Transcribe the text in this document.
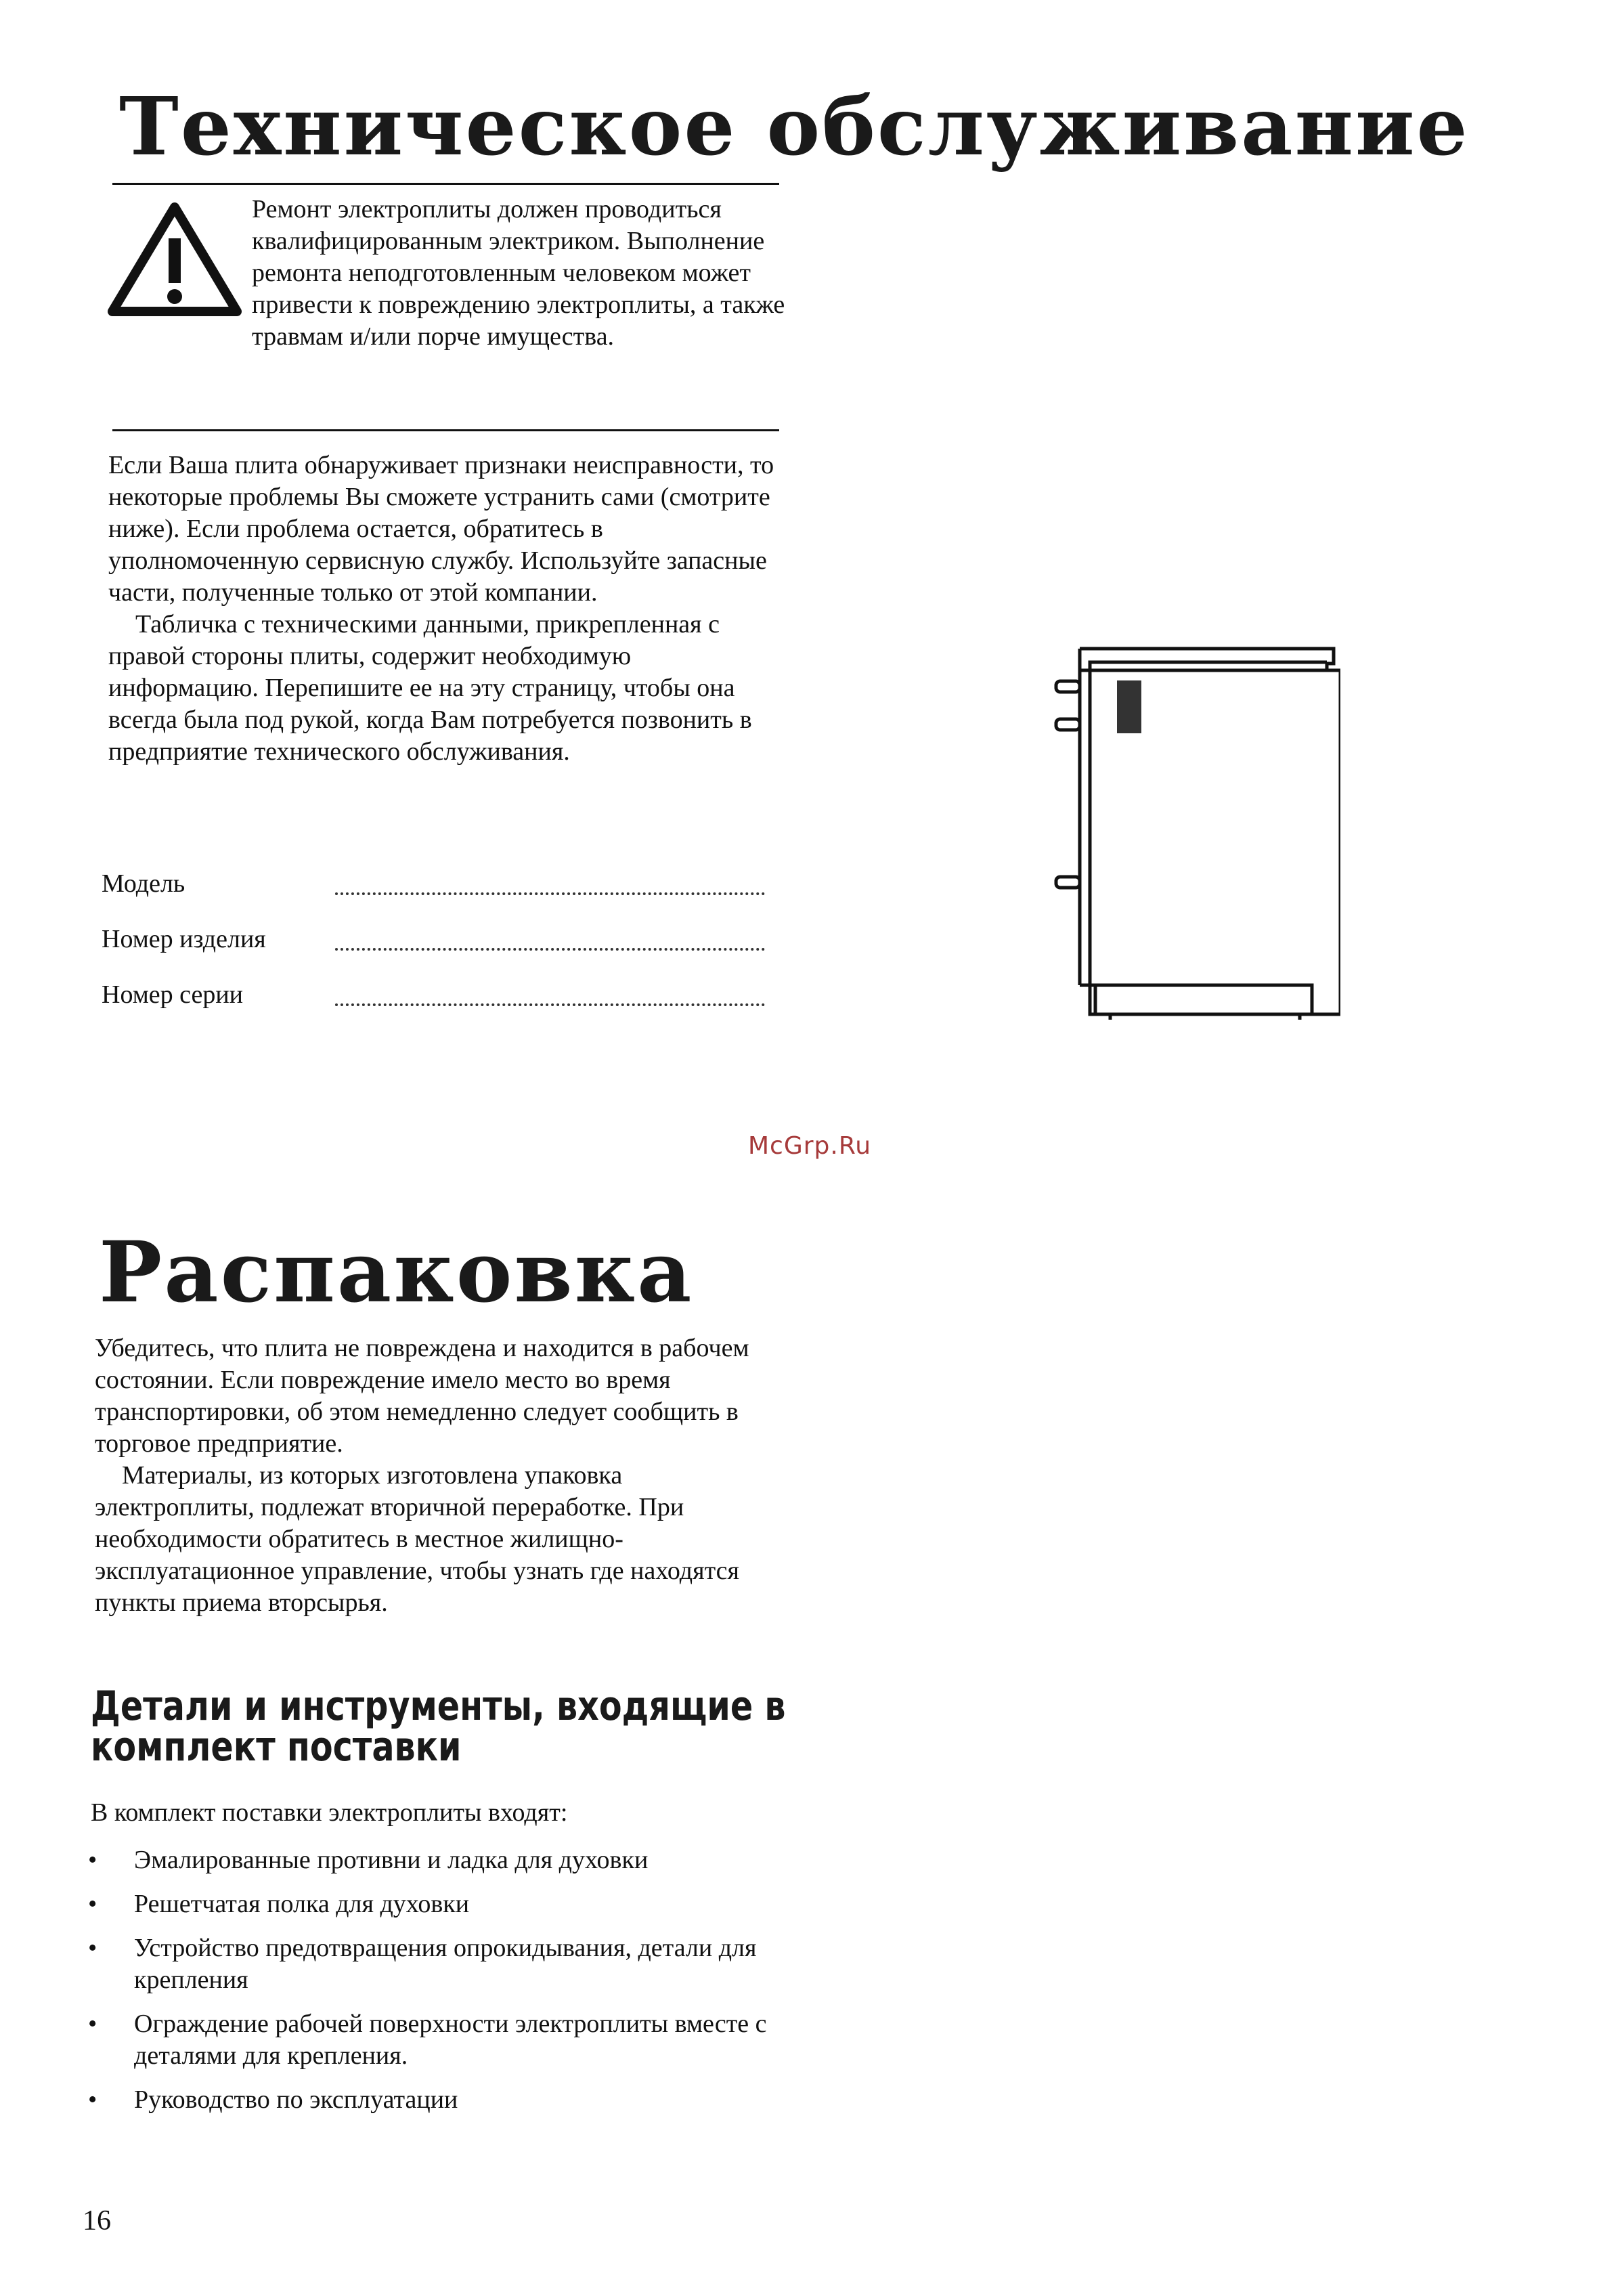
Техническое обслуживание
Ремонт электроплиты должен проводиться квалифицированным электриком. Выполнение ремонта неподготовленным человеком может привести к повреждению электроплиты, а также травмам и/или порче имущества.

Если Ваша плита обнаруживает признаки неисправности, то некоторые проблемы Вы сможете устранить сами (смотрите ниже). Если проблема остается, обратитесь в уполномоченную сервисную службу. Используйте запасные части, полученные только от этой компании.

Табличка с техническими данными, прикрепленная с правой стороны плиты, содержит необходимую информацию. Перепишите ее на эту страницу, чтобы она всегда была под рукой, когда Вам потребуется позвонить в предприятие технического обслуживания.

Модель
Номер изделия
Номер серии
McGrp.Ru
Распаковка

Убедитесь, что плита не повреждена и находится в рабочем состоянии. Если повреждение имело место во время транспортировки, об этом немедленно следует сообщить в торговое предприятие.

Материалы, из которых изготовлена упаковка электроплиты, подлежат вторичной переработке. При необходимости обратитесь в местное жилищно-эксплуатационное управление, чтобы узнать где находятся пункты приема вторсырья.

Детали и инструменты, входящие в
комплект поставки
В комплект поставки электроплиты входят:
•	Эмалированные противни и ладка для духовки
•	Решетчатая полка для духовки
•	Устройство предотвращения опрокидывания, детали для крепления
•	Ограждение рабочей поверхности электроплиты вместе с деталями для крепления.
•	Руководство по эксплуатации
16
